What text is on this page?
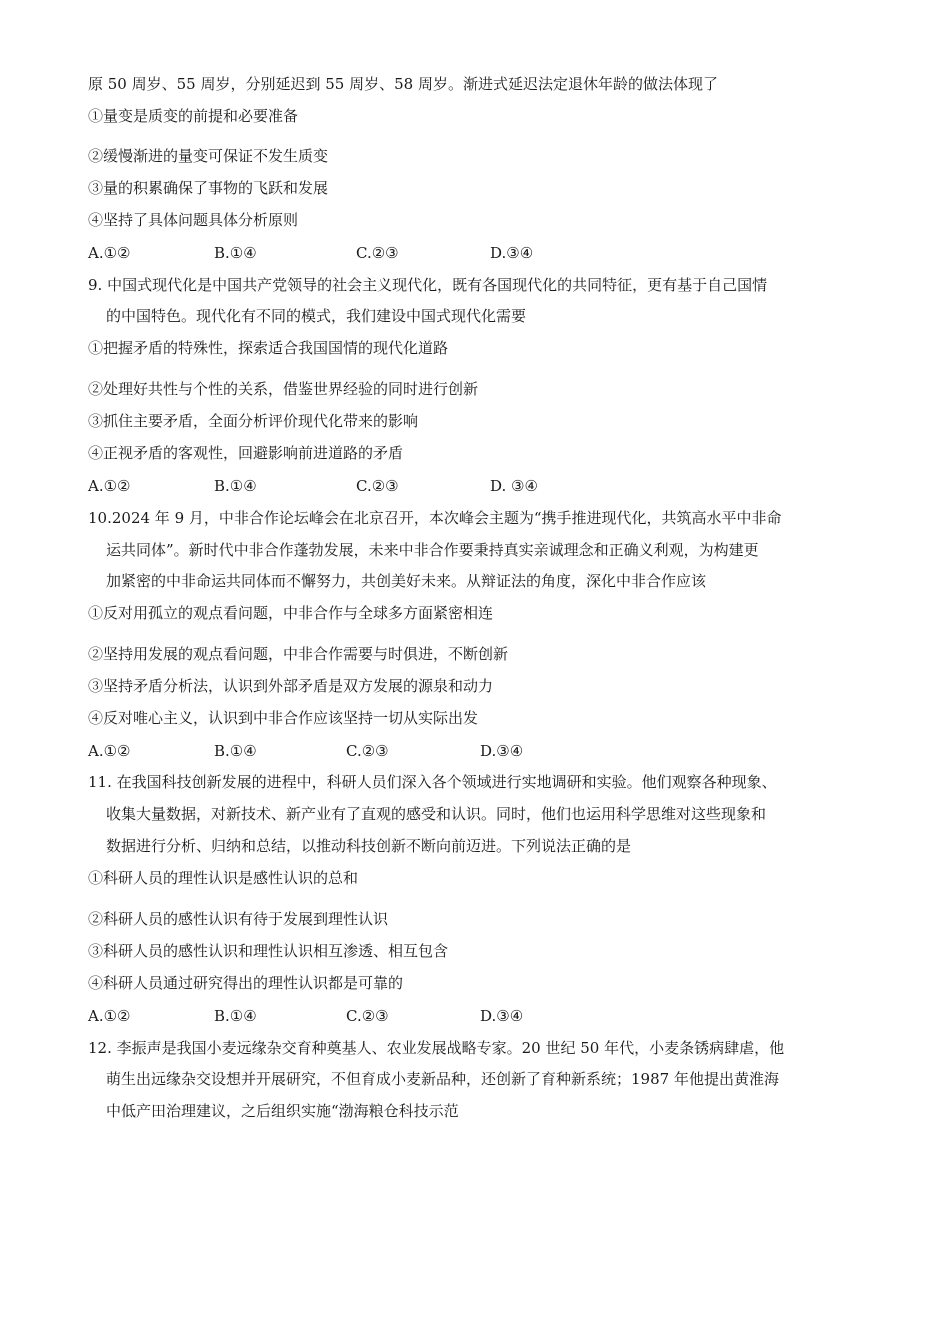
原 50 周岁、55 周岁，分别延迟到 55 周岁、58 周岁。渐进式延迟法定退休年龄的做法体现了
①量变是质变的前提和必要准备
②缓慢渐进的量变可保证不发生质变
③量的积累确保了事物的飞跃和发展
④坚持了具体问题具体分析原则
A.①②	B.①④	C.②③	D.③④
9. 中国式现代化是中国共产党领导的社会主义现代化，既有各国现代化的共同特征，更有基于自己国情
的中国特色。现代化有不同的模式，我们建设中国式现代化需要
①把握矛盾的特殊性，探索适合我国国情的现代化道路
②处理好共性与个性的关系，借鉴世界经验的同时进行创新
③抓住主要矛盾，全面分析评价现代化带来的影响
④正视矛盾的客观性，回避影响前进道路的矛盾
A.①②	B.①④	C.②③	D. ③④
10.2024 年 9 月，中非合作论坛峰会在北京召开，本次峰会主题为“携手推进现代化，共筑高水平中非命
运共同体”。新时代中非合作蓬勃发展，未来中非合作要秉持真实亲诚理念和正确义利观，为构建更
加紧密的中非命运共同体而不懈努力，共创美好未来。从辩证法的角度，深化中非合作应该
①反对用孤立的观点看问题，中非合作与全球多方面紧密相连
②坚持用发展的观点看问题，中非合作需要与时俱进，不断创新
③坚持矛盾分析法，认识到外部矛盾是双方发展的源泉和动力
④反对唯心主义，认识到中非合作应该坚持一切从实际出发
A.①②	B.①④	C.②③	D.③④
11. 在我国科技创新发展的进程中，科研人员们深入各个领域进行实地调研和实验。他们观察各种现象、
收集大量数据，对新技术、新产业有了直观的感受和认识。同时，他们也运用科学思维对这些现象和
数据进行分析、归纳和总结，以推动科技创新不断向前迈进。下列说法正确的是
①科研人员的理性认识是感性认识的总和
②科研人员的感性认识有待于发展到理性认识
③科研人员的感性认识和理性认识相互渗透、相互包含
④科研人员通过研究得出的理性认识都是可靠的
A.①②	B.①④	C.②③	D.③④
12. 李振声是我国小麦远缘杂交育种奠基人、农业发展战略专家。20 世纪 50 年代，小麦条锈病肆虐，他
萌生出远缘杂交设想并开展研究，不但育成小麦新品种，还创新了育种新系统；1987 年他提出黄淮海
中低产田治理建议，之后组织实施“渤海粮仓科技示范
